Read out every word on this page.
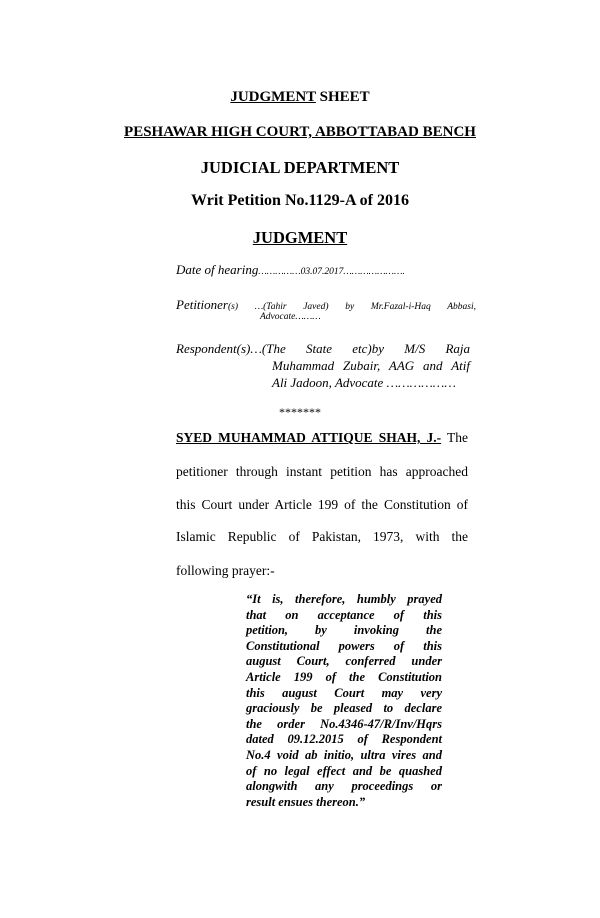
JUDGMENT SHEET
PESHAWAR HIGH COURT, ABBOTTABAD BENCH
JUDICIAL DEPARTMENT
Writ Petition No.1129-A of 2016
JUDGMENT
Date of hearing……………03.07.2017………………….
Petitioner(s) …(Tahir Javed) by Mr.Fazal-i-Haq Abbasi,
Advocate………
Respondent(s)…(The State etc)by M/S Raja
Muhammad Zubair, AAG and Atif
Ali Jadoon, Advocate ………………
*******
SYED MUHAMMAD ATTIQUE SHAH, J.- The
petitioner through instant petition has approached
this Court under Article 199 of the Constitution of
Islamic Republic of Pakistan, 1973, with the
following prayer:-
“It is, therefore, humbly prayed
that on acceptance of this
petition, by invoking the
Constitutional powers of this
august Court, conferred under
Article 199 of the Constitution
this august Court may very
graciously be pleased to declare
the order No.4346-47/R/Inv/Hqrs
dated 09.12.2015 of Respondent
No.4 void ab initio, ultra vires and
of no legal effect and be quashed
alongwith any proceedings or
result ensues thereon.”
